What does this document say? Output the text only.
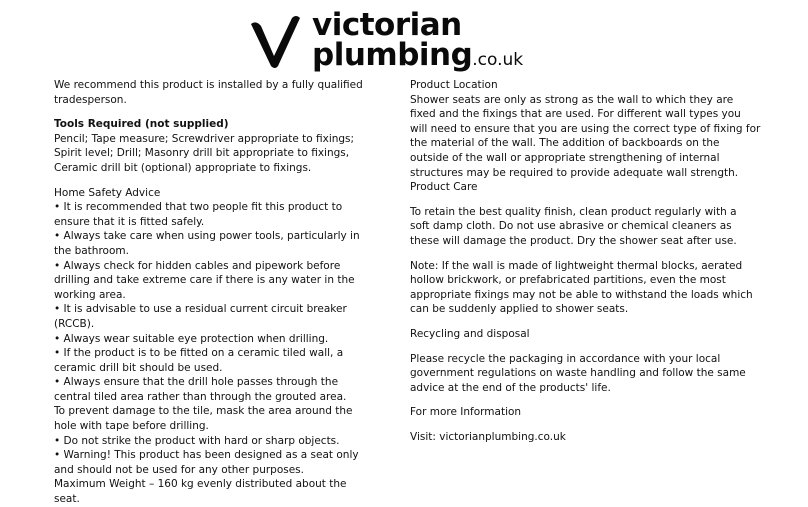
victorian
plumbing.co.uk
We recommend this product is installed by a fully qualified
tradesperson.
Tools Required (not supplied)
Pencil; Tape measure; Screwdriver appropriate to fixings;
Spirit level; Drill; Masonry drill bit appropriate to fixings,
Ceramic drill bit (optional) appropriate to fixings.
Home Safety Advice
• It is recommended that two people fit this product to
ensure that it is fitted safely.
• Always take care when using power tools, particularly in
the bathroom.
• Always check for hidden cables and pipework before
drilling and take extreme care if there is any water in the
working area.
• It is advisable to use a residual current circuit breaker
(RCCB).
• Always wear suitable eye protection when drilling.
• If the product is to be fitted on a ceramic tiled wall, a
ceramic drill bit should be used.
• Always ensure that the drill hole passes through the
central tiled area rather than through the grouted area.
To prevent damage to the tile, mask the area around the
hole with tape before drilling.
• Do not strike the product with hard or sharp objects.
• Warning! This product has been designed as a seat only
and should not be used for any other purposes.
Maximum Weight – 160 kg evenly distributed about the
seat.
Product Location
Shower seats are only as strong as the wall to which they are
fixed and the fixings that are used. For different wall types you
will need to ensure that you are using the correct type of fixing for
the material of the wall. The addition of backboards on the
outside of the wall or appropriate strengthening of internal
structures may be required to provide adequate wall strength.
Product Care
To retain the best quality finish, clean product regularly with a
soft damp cloth. Do not use abrasive or chemical cleaners as
these will damage the product. Dry the shower seat after use.
Note: If the wall is made of lightweight thermal blocks, aerated
hollow brickwork, or prefabricated partitions, even the most
appropriate fixings may not be able to withstand the loads which
can be suddenly applied to shower seats.
Recycling and disposal
Please recycle the packaging in accordance with your local
government regulations on waste handling and follow the same
advice at the end of the products' life.
For more Information
Visit: victorianplumbing.co.uk
